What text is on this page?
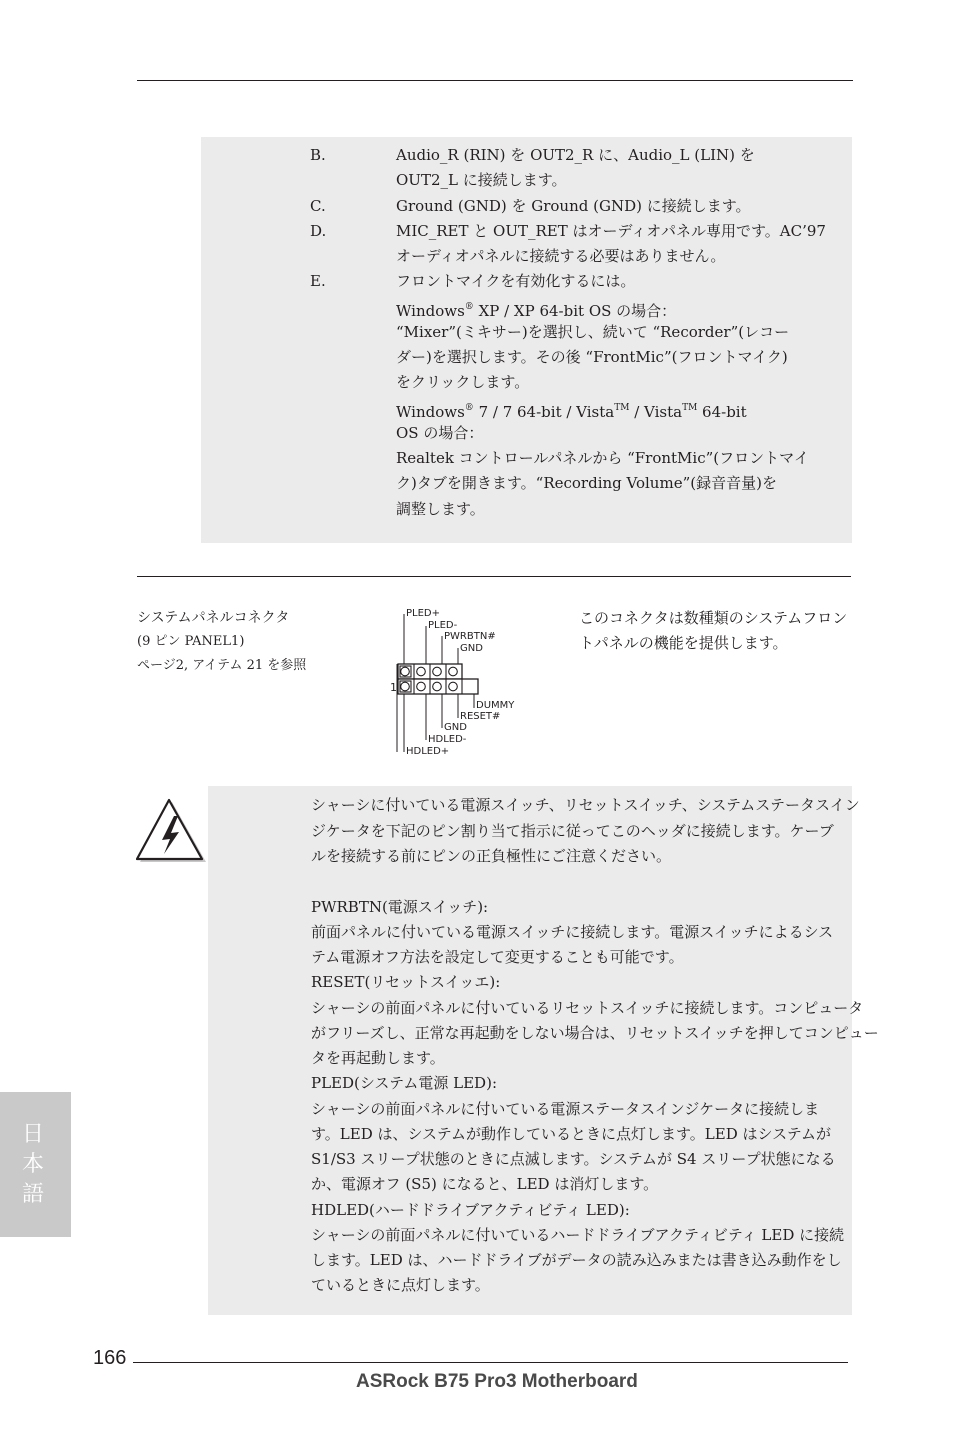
B.	Audio_R (RIN) を OUT2_R に、Audio_L (LIN) を
OUT2_L に接続します。
C.	Ground (GND) を Ground (GND) に接続します。
D.	MIC_RET と OUT_RET はオーディオパネル専用です。AC’97
オーディオパネルに接続する必要はありません。
E.	フロントマイクを有効化するには。
Windows® XP / XP 64-bit OS の場合：
“Mixer”(ミキサー)を選択し、続いて “Recorder”(レコー
ダー)を選択します。その後 “FrontMic”(フロントマイク)
をクリックします。
Windows® 7 / 7 64-bit / Vista™ / Vista™ 64-bit
OS の場合：
Realtek コントロールパネルから “FrontMic”(フロントマイ
ク)タブを開きます。“Recording Volume”(録音音量)を
調整します。
システムパネルコネクタ
(9 ピン PANEL1)
ページ2, アイテム 21 を参照
このコネクタは数種類のシステムフロン
トパネルの機能を提供します。
1
PLED+
PLED-
PWRBTN#
GND
DUMMY
RESET#
GND
HDLED-
HDLED+
シャーシに付いている電源スイッチ、リセットスイッチ、システムステータスイン
ジケータを下記のピン割り当て指示に従ってこのヘッダに接続します。ケーブ
ルを接続する前にピンの正負極性にご注意ください。
PWRBTN(電源スイッチ):
前面パネルに付いている電源スイッチに接続します。電源スイッチによるシス
テム電源オフ方法を設定して変更することも可能です。
RESET(リセットスイッエ):
シャーシの前面パネルに付いているリセットスイッチに接続します。コンピュータ
がフリーズし、正常な再起動をしない場合は、リセットスイッチを押してコンピュー
タを再起動します。
PLED(システム電源 LED):
シャーシの前面パネルに付いている電源ステータスインジケータに接続しま
す。LED は、システムが動作しているときに点灯します。LED はシステムが
S1/S3 スリープ状態のときに点滅します。システムが S4 スリープ状態になる
か、電源オフ (S5) になると、LED は消灯します。
HDLED(ハードドライブアクティビティ LED):
シャーシの前面パネルに付いているハードドライブアクティビティ LED に接続
します。LED は、ハードドライブがデータの読み込みまたは書き込み動作をし
ているときに点灯します。
日本語
166
ASRock B75 Pro3 Motherboard
